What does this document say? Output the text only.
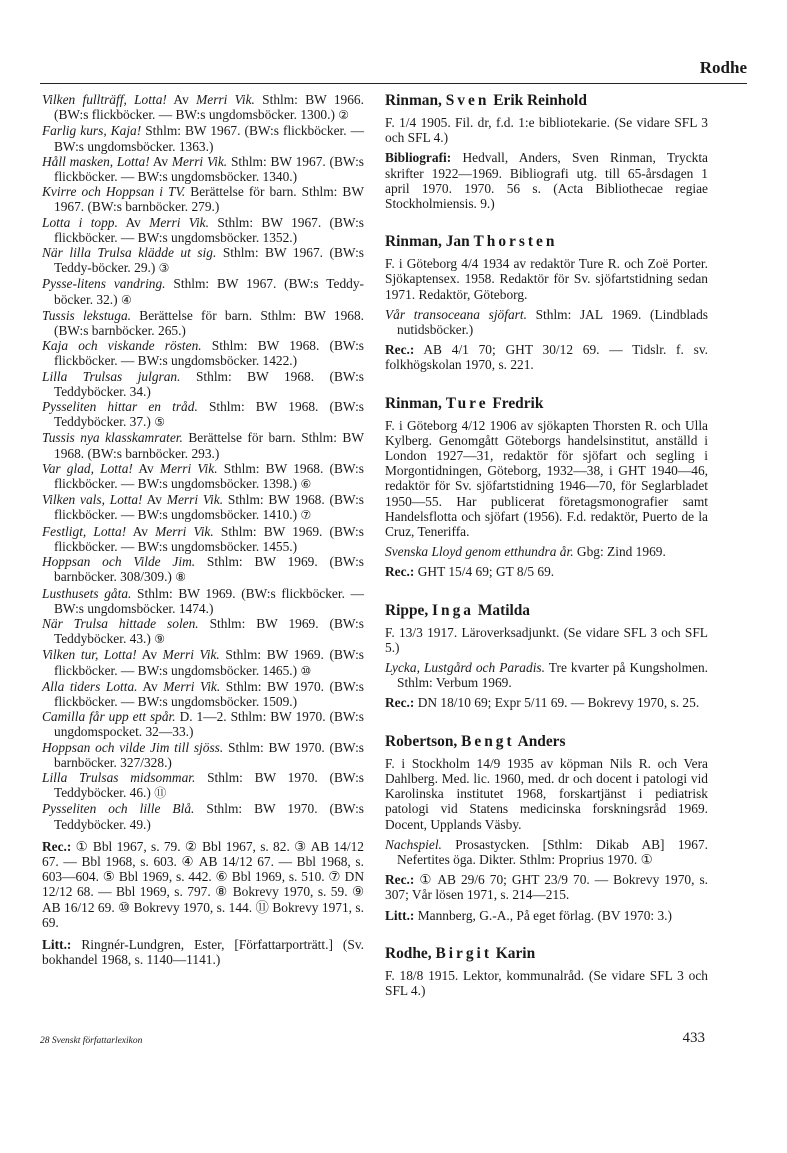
Rodhe

Vilken fullträff, Lotta! Av Merri Vik. Sthlm: BW 1966. (BW:s flickböcker. — BW:s ungdomsböcker. 1300.) ②

Farlig kurs, Kaja! Sthlm: BW 1967. (BW:s flickböcker. — BW:s ungdomsböcker. 1363.)

Håll masken, Lotta! Av Merri Vik. Sthlm: BW 1967. (BW:s flickböcker. — BW:s ungdomsböcker. 1340.)

Kvirre och Hoppsan i TV. Berättelse för barn. Sthlm: BW 1967. (BW:s barnböcker. 279.)

Lotta i topp. Av Merri Vik. Sthlm: BW 1967. (BW:s flickböcker. — BW:s ungdomsböcker. 1352.)

När lilla Trulsa klädde ut sig. Sthlm: BW 1967. (BW:s Teddy-böcker. 29.) ③

Pysse-litens vandring. Sthlm: BW 1967. (BW:s Teddy-böcker. 32.) ④

Tussis lekstuga. Berättelse för barn. Sthlm: BW 1968. (BW:s barnböcker. 265.)

Kaja och viskande rösten. Sthlm: BW 1968. (BW:s flickböcker. — BW:s ungdomsböcker. 1422.)

Lilla Trulsas julgran. Sthlm: BW 1968. (BW:s Teddyböcker. 34.)

Pysseliten hittar en tråd. Sthlm: BW 1968. (BW:s Teddyböcker. 37.) ⑤

Tussis nya klasskamrater. Berättelse för barn. Sthlm: BW 1968. (BW:s barnböcker. 293.)

Var glad, Lotta! Av Merri Vik. Sthlm: BW 1968. (BW:s flickböcker. — BW:s ungdomsböcker. 1398.) ⑥

Vilken vals, Lotta! Av Merri Vik. Sthlm: BW 1968. (BW:s flickböcker. — BW:s ungdomsböcker. 1410.) ⑦

Festligt, Lotta! Av Merri Vik. Sthlm: BW 1969. (BW:s flickböcker. — BW:s ungdomsböcker. 1455.)

Hoppsan och Vilde Jim. Sthlm: BW 1969. (BW:s barnböcker. 308/309.) ⑧

Lusthusets gåta. Sthlm: BW 1969. (BW:s flickböcker. — BW:s ungdomsböcker. 1474.)

När Trulsa hittade solen. Sthlm: BW 1969. (BW:s Teddyböcker. 43.) ⑨

Vilken tur, Lotta! Av Merri Vik. Sthlm: BW 1969. (BW:s flickböcker. — BW:s ungdomsböcker. 1465.) ⑩

Alla tiders Lotta. Av Merri Vik. Sthlm: BW 1970. (BW:s flickböcker. — BW:s ungdomsböcker. 1509.)

Camilla får upp ett spår. D. 1—2. Sthlm: BW 1970. (BW:s ungdomspocket. 32—33.)

Hoppsan och vilde Jim till sjöss. Sthlm: BW 1970. (BW:s barnböcker. 327/328.)

Lilla Trulsas midsommar. Sthlm: BW 1970. (BW:s Teddyböcker. 46.) ⑪

Pysseliten och lille Blå. Sthlm: BW 1970. (BW:s Teddyböcker. 49.)

Rec.: ① Bbl 1967, s. 79. ② Bbl 1967, s. 82. ③ AB 14/12 67. — Bbl 1968, s. 603. ④ AB 14/12 67. — Bbl 1968, s. 603—604. ⑤ Bbl 1969, s. 442. ⑥ Bbl 1969, s. 510. ⑦ DN 12/12 68. — Bbl 1969, s. 797. ⑧ Bokrevy 1970, s. 59. ⑨ AB 16/12 69. ⑩ Bokrevy 1970, s. 144. ⑪ Bokrevy 1971, s. 69.

Litt.: Ringnér-Lundgren, Ester, [Författarporträtt.] (Sv. bokhandel 1968, s. 1140—1141.)

Rinman, Sven Erik Reinhold

F. 1/4 1905. Fil. dr, f.d. 1:e bibliotekarie. (Se vidare SFL 3 och SFL 4.)

Bibliografi: Hedvall, Anders, Sven Rinman, Tryckta skrifter 1922—1969. Bibliografi utg. till 65-årsdagen 1 april 1970. 1970. 56 s. (Acta Bibliothecae regiae Stockholmiensis. 9.)

Rinman, Jan Thorsten

F. i Göteborg 4/4 1934 av redaktör Ture R. och Zoë Porter. Sjökaptensex. 1958. Redaktör för Sv. sjöfartstidning sedan 1971. Redaktör, Göteborg.

Vår transoceana sjöfart. Sthlm: JAL 1969. (Lindblads nutidsböcker.)

Rec.: AB 4/1 70; GHT 30/12 69. — Tidslr. f. sv. folkhögskolan 1970, s. 221.

Rinman, Ture Fredrik

F. i Göteborg 4/12 1906 av sjökapten Thorsten R. och Ulla Kylberg. Genomgått Göteborgs handelsinstitut, anställd i London 1927—31, redaktör för sjöfart och segling i Morgontidningen, Göteborg, 1932—38, i GHT 1940—46, redaktör för Sv. sjöfartstidning 1946—70, för Seglarbladet 1950—55. Har publicerat företagsmonografier samt Handelsflotta och sjöfart (1956). F.d. redaktör, Puerto de la Cruz, Teneriffa.

Svenska Lloyd genom etthundra år. Gbg: Zind 1969.

Rec.: GHT 15/4 69; GT 8/5 69.

Rippe, Inga Matilda

F. 13/3 1917. Läroverksadjunkt. (Se vidare SFL 3 och SFL 5.)

Lycka, Lustgård och Paradis. Tre kvarter på Kungsholmen. Sthlm: Verbum 1969.

Rec.: DN 18/10 69; Expr 5/11 69. — Bokrevy 1970, s. 25.

Robertson, Bengt Anders

F. i Stockholm 14/9 1935 av köpman Nils R. och Vera Dahlberg. Med. lic. 1960, med. dr och docent i patologi vid Karolinska institutet 1968, forskartjänst i pediatrisk patologi vid Statens medicinska forskningsråd 1969. Docent, Upplands Väsby.

Nachspiel. Prosastycken. [Sthlm: Dikab AB] 1967. Nefertites öga. Dikter. Sthlm: Proprius 1970. ①

Rec.: ① AB 29/6 70; GHT 23/9 70. — Bokrevy 1970, s. 307; Vår lösen 1971, s. 214—215.

Litt.: Mannberg, G.-A., På eget förlag. (BV 1970: 3.)

Rodhe, Birgit Karin

F. 18/8 1915. Lektor, kommunalråd. (Se vidare SFL 3 och SFL 4.)

28 Svenskt författarlexikon	433
